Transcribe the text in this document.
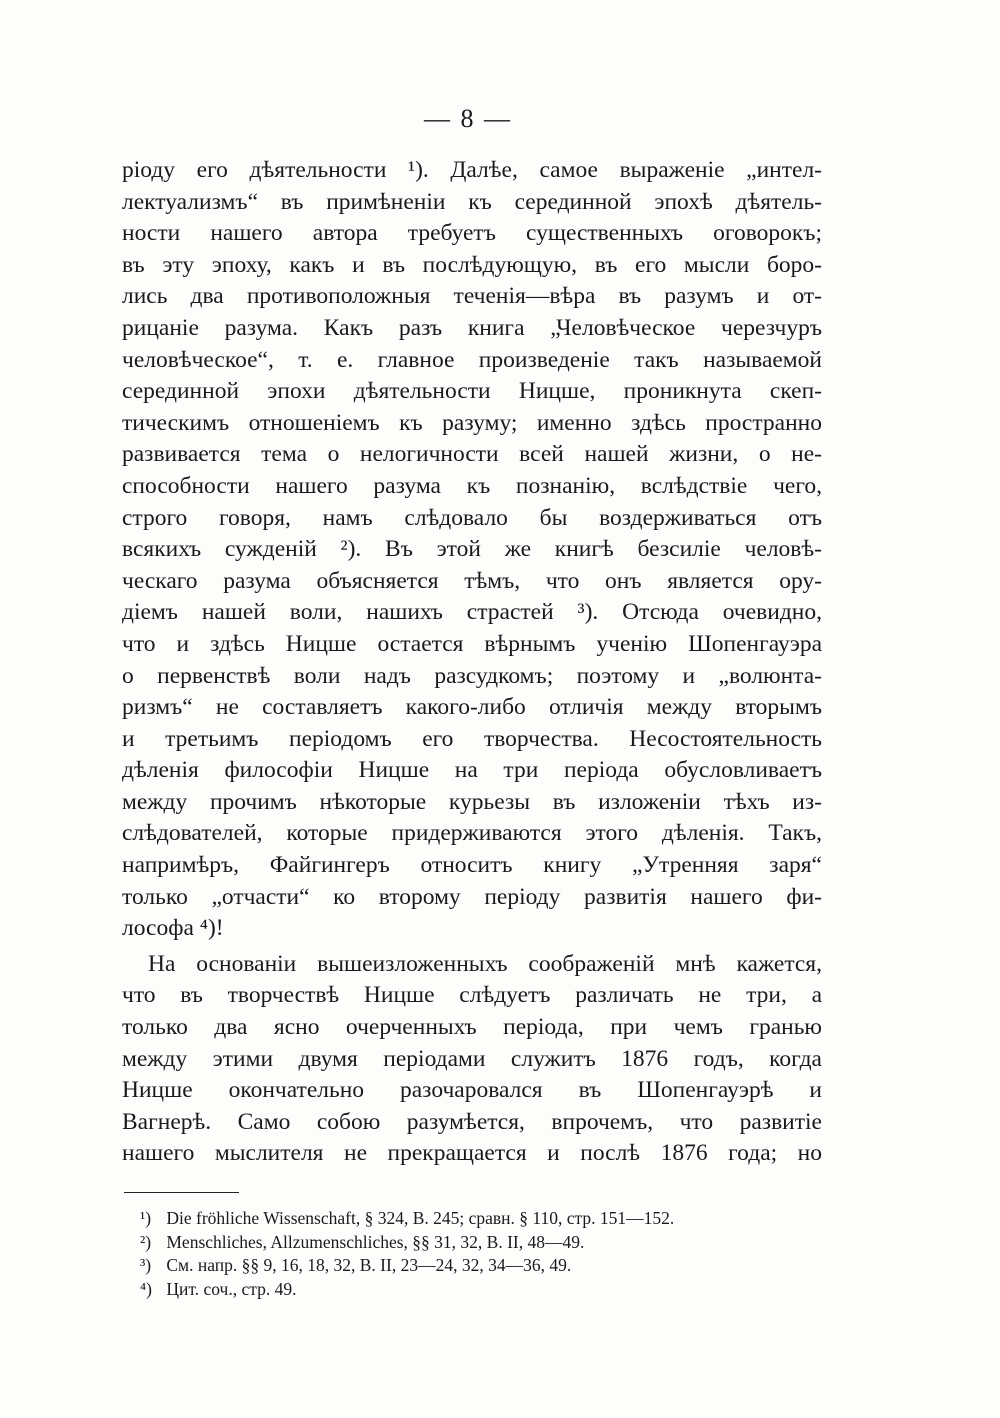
— 8 —
ріоду его дѣятельности ¹). Далѣе, самое выраженіе „интел-
лектуализмъ“ въ примѣненіи къ серединной эпохѣ дѣятель-
ности нашего автора требуетъ существенныхъ оговорокъ;
въ эту эпоху, какъ и въ послѣдующую, въ его мысли боро-
лись два противоположныя теченія—вѣра въ разумъ и от-
рицаніе разума. Какъ разъ книга „Человѣческое черезчуръ
человѣческое“, т. е. главное произведеніе такъ называемой
серединной эпохи дѣятельности Ницше, проникнута скеп-
тическимъ отношеніемъ къ разуму; именно здѣсь пространно
развивается тема о нелогичности всей нашей жизни, о не-
способности нашего разума къ познанію, вслѣдствіе чего,
строго говоря, намъ слѣдовало бы воздерживаться отъ
всякихъ сужденій ²). Въ этой же книгѣ безсиліе человѣ-
ческаго разума объясняется тѣмъ, что онъ является ору-
діемъ нашей воли, нашихъ страстей ³). Отсюда очевидно,
что и здѣсь Ницше остается вѣрнымъ ученію Шопенгауэра
о первенствѣ воли надъ разсудкомъ; поэтому и „волюнта-
ризмъ“ не составляетъ какого-либо отличія между вторымъ
и третьимъ періодомъ его творчества. Несостоятельность
дѣленія философіи Ницше на три періода обусловливаетъ
между прочимъ нѣкоторые курьезы въ изложеніи тѣхъ из-
слѣдователей, которые придерживаются этого дѣленія. Такъ,
напримѣръ, Файгингеръ относитъ книгу „Утренняя заря“
только „отчасти“ ко второму періоду развитія нашего фи-
лософа ⁴)!
На основаніи вышеизложенныхъ соображеній мнѣ кажется,
что въ творчествѣ Ницше слѣдуетъ различать не три, а
только два ясно очерченныхъ періода, при чемъ гранью
между этими двумя періодами служитъ 1876 годъ, когда
Ницше окончательно разочаровался въ Шопенгауэрѣ и
Вагнерѣ. Само собою разумѣется, впрочемъ, что развитіе
нашего мыслителя не прекращается и послѣ 1876 года; но
¹) Die fröhliche Wissenschaft, § 324, В. 245; сравн. § 110, стр. 151—152.
²) Menschliches, Allzumenschliches, §§ 31, 32, В. II, 48—49.
³) См. напр. §§ 9, 16, 18, 32, В. II, 23—24, 32, 34—36, 49.
⁴) Цит. соч., стр. 49.
